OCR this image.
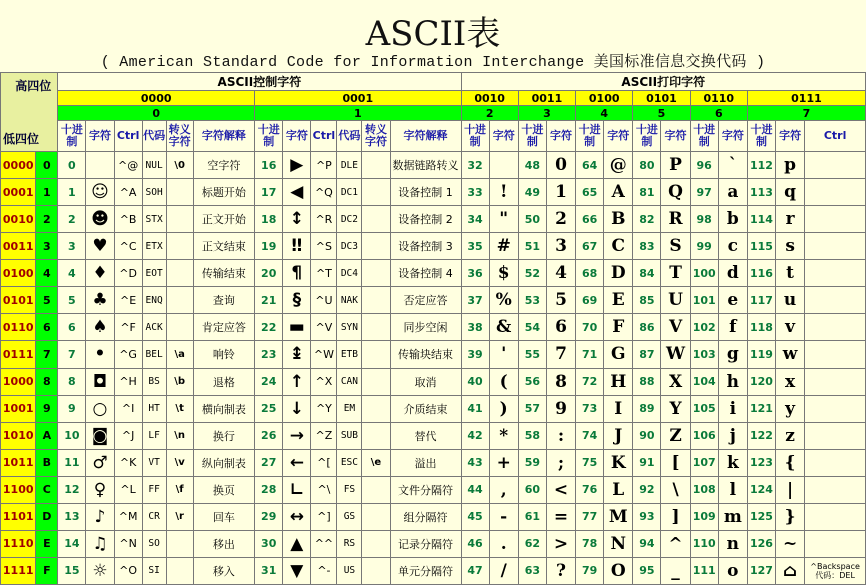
ASCII表
( American Standard Code for Information Interchange 美国标准信息交换代码 )
高四位
低四位		ASCII控制字符												ASCII打印字符												
		0000						0001						0010		0011		0100		0101		0110		0111		
		0						1						2		3		4		5		6		7		
		十进制	字符	Ctrl	代码	转义字符	字符解释	十进制	字符	Ctrl	代码	转义字符	字符解释	十进制	字符	十进制	字符	十进制	字符	十进制	字符	十进制	字符	十进制	字符	Ctrl
0000	0	0		^@	NUL	\0	空字符	16	▶	^P	DLE		数据链路转义	32		48	0	64	@	80	P	96	`	112	p	
0001	1	1	☺	^A	SOH		标题开始	17	◀	^Q	DC1		设备控制 1	33	!	49	1	65	A	81	Q	97	a	113	q	
0010	2	2	☻	^B	STX		正文开始	18	↕	^R	DC2		设备控制 2	34	"	50	2	66	B	82	R	98	b	114	r	
0011	3	3	♥	^C	ETX		正文结束	19	‼	^S	DC3		设备控制 3	35	#	51	3	67	C	83	S	99	c	115	s	
0100	4	4	♦	^D	EOT		传输结束	20	¶	^T	DC4		设备控制 4	36	$	52	4	68	D	84	T	100	d	116	t	
0101	5	5	♣	^E	ENQ		查询	21	§	^U	NAK		否定应答	37	%	53	5	69	E	85	U	101	e	117	u	
0110	6	6	♠	^F	ACK		肯定应答	22	▬	^V	SYN		同步空闲	38	&	54	6	70	F	86	V	102	f	118	v	
0111	7	7	•	^G	BEL	\a	响铃	23	↨	^W	ETB		传输块结束	39	'	55	7	71	G	87	W	103	g	119	w	
1000	8	8	◘	^H	BS	\b	退格	24	↑	^X	CAN		取消	40	(	56	8	72	H	88	X	104	h	120	x	
1001	9	9	○	^I	HT	\t	横向制表	25	↓	^Y	EM		介质结束	41	)	57	9	73	I	89	Y	105	i	121	y	
1010	A	10	◙	^J	LF	\n	换行	26	→	^Z	SUB		替代	42	*	58	:	74	J	90	Z	106	j	122	z	
1011	B	11	♂	^K	VT	\v	纵向制表	27	←	^[	ESC	\e	溢出	43	+	59	;	75	K	91	[	107	k	123	{	
1100	C	12	♀	^L	FF	\f	换页	28	∟	^\	FS		文件分隔符	44	,	60	<	76	L	92	\	108	l	124	|	
1101	D	13	♪	^M	CR	\r	回车	29	↔	^]	GS		组分隔符	45	-	61	=	77	M	93	]	109	m	125	}	
1110	E	14	♫	^N	SO		移出	30	▲	^^	RS		记录分隔符	46	.	62	>	78	N	94	^	110	n	126	~	
1111	F	15	☼	^O	SI		移入	31	▼	^-	US		单元分隔符	47	/	63	?	79	O	95	_	111	o	127	⌂	^Backspace
代码：DEL
